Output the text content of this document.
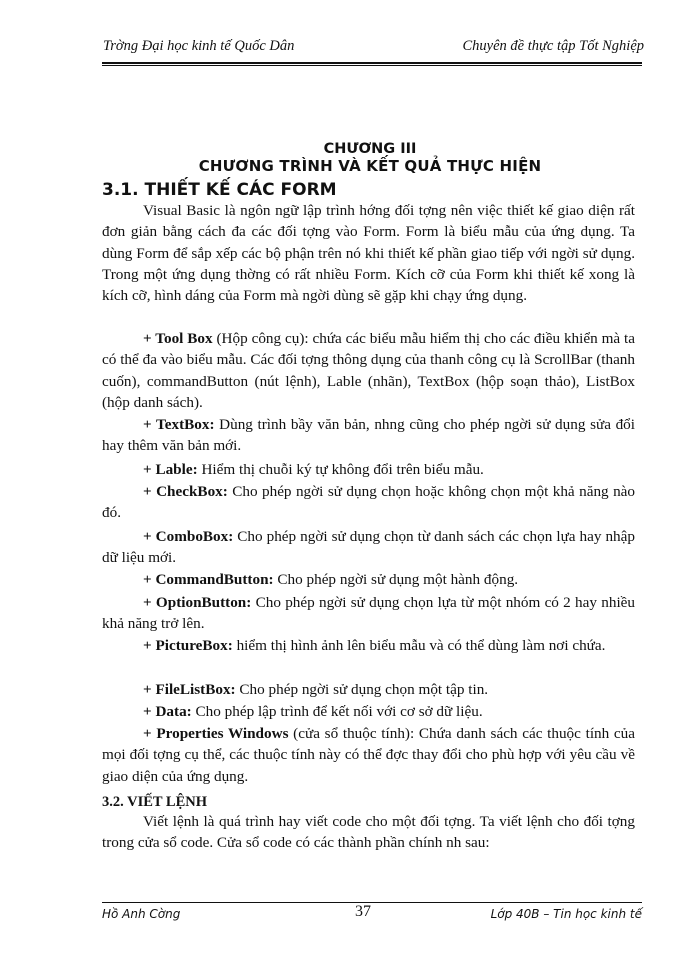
Trờng Đại học kinh tế Quốc Dân	Chuyên đề thực tập Tốt Nghiệp
CHƯƠNG III
CHƯƠNG TRÌNH VÀ KẾT QUẢ THỰC HIỆN
3.1. THIẾT KẾ CÁC FORM

Visual Basic là ngôn ngữ lập trình hớng đối tợng nên việc thiết kế giao diện rất đơn giản bằng cách đa các đối tợng vào Form. Form là biểu mẫu của ứng dụng. Ta dùng Form để sắp xếp các bộ phận trên nó khi thiết kế phần giao tiếp với ngời sử dụng. Trong một ứng dụng thờng có rất nhiều Form. Kích cỡ của Form khi thiết kế xong là kích cỡ, hình dáng của Form mà ngời dùng sẽ gặp khi chạy ứng dụng.

+ Tool Box (Hộp công cụ): chứa các biểu mẫu hiểm thị cho các điều khiển mà ta có thể đa vào biểu mẫu. Các đối tợng thông dụng của thanh công cụ là ScrollBar (thanh cuốn), commandButton (nút lệnh), Lable (nhãn), TextBox (hộp soạn thảo), ListBox (hộp danh sách).

+ TextBox: Dùng trình bầy văn bản, nhng cũng cho phép ngời sử dụng sửa đổi hay thêm văn bản mới.

+ Lable: Hiểm thị chuỗi ký tự không đổi trên biểu mẫu.

+ CheckBox: Cho phép ngời sử dụng chọn hoặc không chọn một khả năng nào đó.

+ ComboBox: Cho phép ngời sử dụng chọn từ danh sách các chọn lựa hay nhập dữ liệu mới.

+ CommandButton: Cho phép ngời sử dụng một hành động.

+ OptionButton: Cho phép ngời sử dụng chọn lựa từ một nhóm có 2 hay nhiều khả năng trở lên.

+ PictureBox: hiểm thị hình ảnh lên biểu mẫu và có thể dùng làm nơi chứa.

+ FileListBox: Cho phép ngời sử dụng chọn một tập tin.

+ Data: Cho phép lập trình để kết nối với cơ sở dữ liệu.

+ Properties Windows (cửa sổ thuộc tính): Chứa danh sách các thuộc tính của mọi đối tợng cụ thể, các thuộc tính này có thể đợc thay đổi cho phù hợp với yêu cầu về giao diện của ứng dụng.

3.2. VIẾT LỆNH

Viết lệnh là quá trình hay viết code cho một đối tợng. Ta viết lệnh cho đối tợng trong cửa sổ code. Cửa sổ code có các thành phần chính nh sau:

Hồ Anh Cờng	37	Lớp 40B – Tin học kinh tế
